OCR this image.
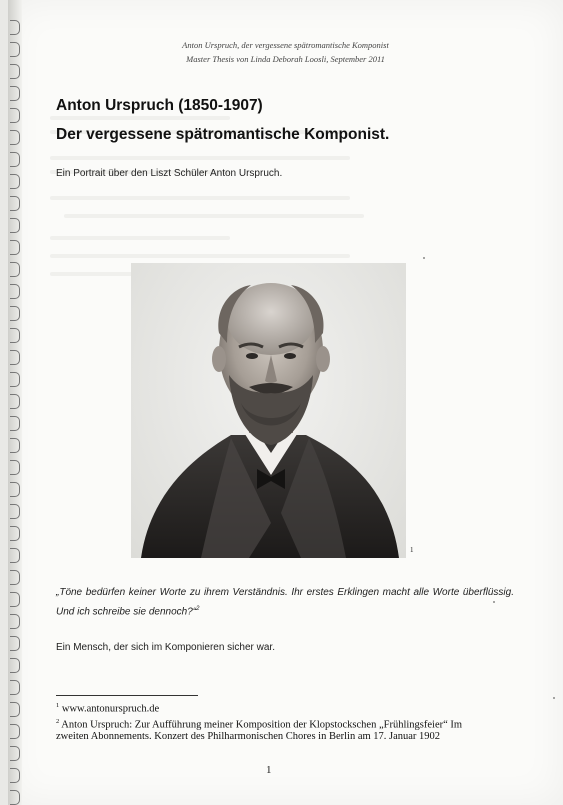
Anton Urspruch, der vergessene spätromantische Komponist
Master Thesis von Linda Deborah Loosli, September 2011
Anton Urspruch (1850-1907)
Der vergessene spätromantische Komponist.
Ein Portrait über den Liszt Schüler Anton Urspruch.
1
„Töne bedürfen keiner Worte zu ihrem Verständnis. Ihr erstes Erklingen macht alle Worte überflüssig. Und ich schreibe sie dennoch?“$^2$
Ein Mensch, der sich im Komponieren sicher war.
$^1$ www.antonurspruch.de
$^2$ Anton Urspruch: Zur Aufführung meiner Komposition der Klopstockschen „Frühlingsfeier“ Im zweiten Abonnements. Konzert des Philharmonischen Chores in Berlin am 17. Januar 1902
1
